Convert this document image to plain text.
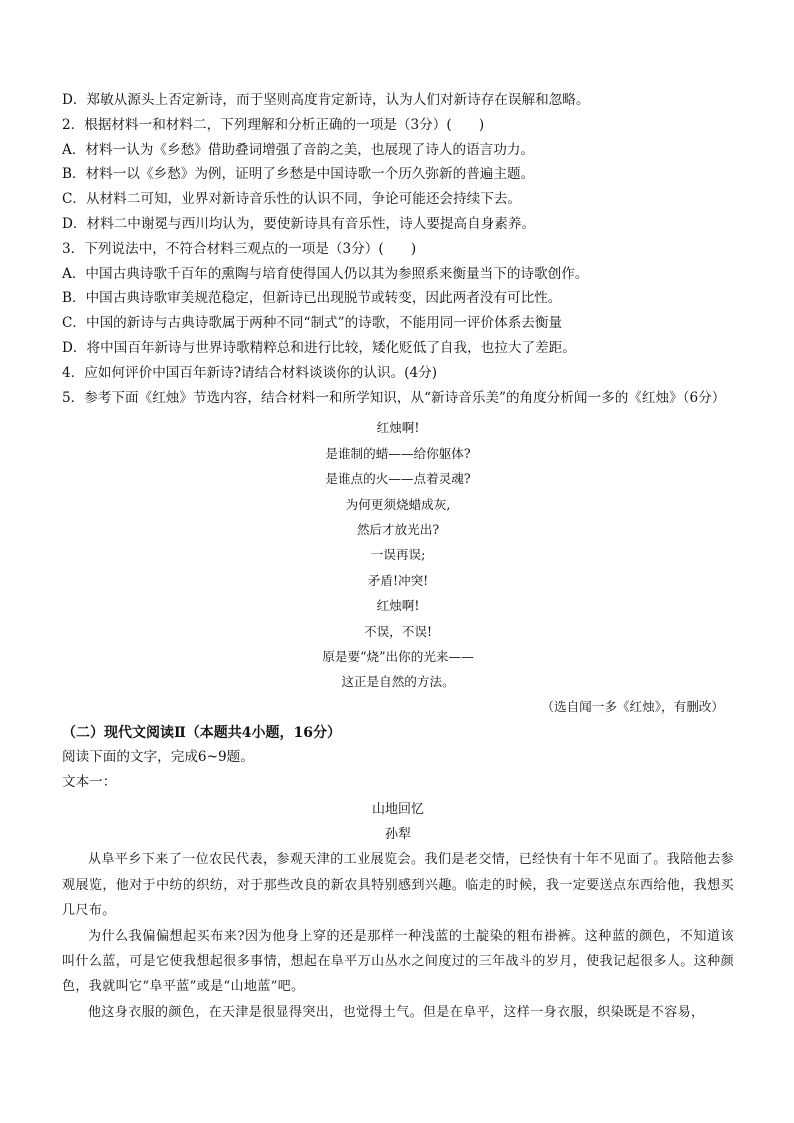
D．郑敏从源头上否定新诗，而于坚则高度肯定新诗，认为人们对新诗存在误解和忽略。

2．根据材料一和材料二，下列理解和分析正确的一项是（3分）(　　)

A．材料一认为《乡愁》借助叠词增强了音韵之美，也展现了诗人的语言功力。

B．材料一以《乡愁》为例，证明了乡愁是中国诗歌一个历久弥新的普遍主题。

C．从材料二可知，业界对新诗音乐性的认识不同，争论可能还会持续下去。

D．材料二中谢冕与西川均认为，要使新诗具有音乐性，诗人要提高自身素养。

3．下列说法中，不符合材料三观点的一项是（3分）(　　)

A．中国古典诗歌千百年的熏陶与培育使得国人仍以其为参照系来衡量当下的诗歌创作。

B．中国古典诗歌审美规范稳定，但新诗已出现脱节或转变，因此两者没有可比性。

C．中国的新诗与古典诗歌属于两种不同“制式”的诗歌，不能用同一评价体系去衡量

D．将中国百年新诗与世界诗歌精粹总和进行比较，矮化贬低了自我，也拉大了差距。

4．应如何评价中国百年新诗?请结合材料谈谈你的认识。(4分)

5．参考下面《红烛》节选内容，结合材料一和所学知识，从“新诗音乐美”的角度分析闻一多的《红烛》（6分）

红烛啊!

是谁制的蜡——给你躯体?

是谁点的火——点着灵魂?

为何更须烧蜡成灰,

然后才放光出?

一误再误;

矛盾!冲突!

红烛啊!

不误，不误!

原是要“烧”出你的光来——

这正是自然的方法。

（选自闻一多《红烛》，有删改）
（二）现代文阅读Ⅱ（本题共4小题，16分）

阅读下面的文字，完成6~9题。

文本一：

山地回忆
孙犁

从阜平乡下来了一位农民代表，参观天津的工业展览会。我们是老交情，已经快有十年不见面了。我陪他去参观展览，他对于中纺的织纺，对于那些改良的新农具特别感到兴趣。临走的时候，我一定要送点东西给他，我想买几尺布。

为什么我偏偏想起买布来?因为他身上穿的还是那样一种浅蓝的土靛染的粗布褂裤。这种蓝的颜色，不知道该叫什么蓝，可是它使我想起很多事情，想起在阜平万山丛水之间度过的三年战斗的岁月，使我记起很多人。这种颜色，我就叫它“阜平蓝”或是“山地蓝”吧。

他这身衣服的颜色，在天津是很显得突出，也觉得土气。但是在阜平，这样一身衣服，织染既是不容易，
